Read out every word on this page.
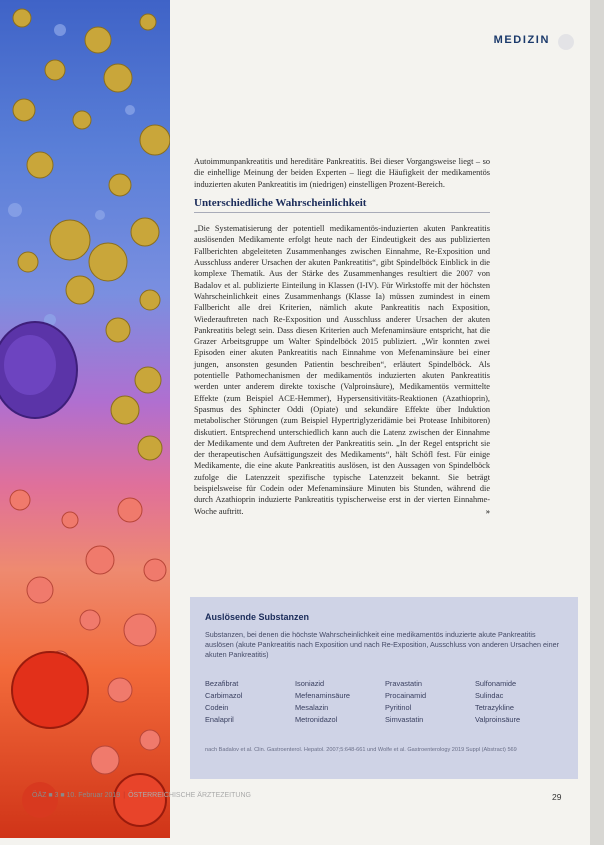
MEDIZIN

Autoimmunpankreatitis und hereditäre Pankreatitis. Bei dieser Vorgangsweise liegt – so die einhellige Meinung der beiden Experten – liegt die Häufigkeit der medikamentös induzierten akuten Pankreatitis im (niedrigen) einstelligen Prozent-Bereich.

Unterschiedliche Wahrscheinlichkeit

„Die Systematisierung der potentiell medikamentös-induzierten akuten Pankreatitis auslösenden Medikamente erfolgt heute nach der Eindeutigkeit des aus publizierten Fallberichten abgeleiteten Zusammenhanges zwischen Einnahme, Re-Exposition und Ausschluss anderer Ursachen der akuten Pankreatitis“, gibt Spindelböck Einblick in die komplexe Thematik. Aus der Stärke des Zusammenhanges resultiert die 2007 von Badalov et al. publizierte Einteilung in Klassen (I-IV). Für Wirkstoffe mit der höchsten Wahrscheinlichkeit eines Zusammenhangs (Klasse Ia) müssen zumindest in einem Fallbericht alle drei Kriterien, nämlich akute Pankreatitis nach Exposition, Wiederauftreten nach Re-Exposition und Ausschluss anderer Ursachen der akuten Pankreatitis belegt sein. Dass diesen Kriterien auch Mefenaminsäure entspricht, hat die Grazer Arbeitsgruppe um Walter Spindelböck 2015 publiziert. „Wir konnten zwei Episoden einer akuten Pankreatitis nach Einnahme von Mefenaminsäure bei einer jungen, ansonsten gesunden Patientin beschreiben“, erläutert Spindelböck. Als potentielle Pathomechanismen der medikamentös induzierten akuten Pankreatitis werden unter anderem direkte toxische (Valproinsäure), Medikamentös vermittelte Effekte (zum Beispiel ACE-Hemmer), Hypersensitivitäts-Reaktionen (Azathioprin), Spasmus des Sphincter Oddi (Opiate) und sekundäre Effekte über Induktion metabolischer Störungen (zum Beispiel Hypertriglyzeridämie bei Protease Inhibitoren) diskutiert. Entsprechend unterschiedlich kann auch die Latenz zwischen der Einnahme der Medikamente und dem Auftreten der Pankreatitis sein. „In der Regel entspricht sie der therapeutischen Aufsättigungszeit des Medikaments“, hält Schöfl fest. Für einige Medikamente, die eine akute Pankreatitis auslösen, ist den Aussagen von Spindelböck zufolge die Latenzzeit spezifische typische Latenzzeit bekannt. Sie beträgt beispielsweise für Codein oder Mefenaminsäure Minuten bis Stunden, während die durch Azathioprin induzierte Pankreatitis typischerweise erst in der vierten Einnahme-Woche auftritt.	»

Auslösende Substanzen
Substanzen, bei denen die höchste Wahrscheinlichkeit eine medikamentös induzierte akute Pankreatitis auslösen (akute Pankreatitis nach Exposition und nach Re-Exposition, Ausschluss von anderen Ursachen einer akuten Pankreatitis)
Bezafibrat	Isoniazid	Pravastatin	Sulfonamide
Carbimazol	Mefenaminsäure	Procainamid	Sulindac
Codein	Mesalazin	Pyritinol	Tetrazykline
Enalapril	Metronidazol	Simvastatin	Valproinsäure
nach Badalov et al. Clin. Gastroenterol. Hepatol. 2007;5:648-661 und Wolfe et al. Gastroenterology 2019 Suppl (Abstract) 569
ÖÄZ ■ 3 ■ 10. Februar 2019 | ÖSTERREICHISCHE ÄRZTEZEITUNG	29
